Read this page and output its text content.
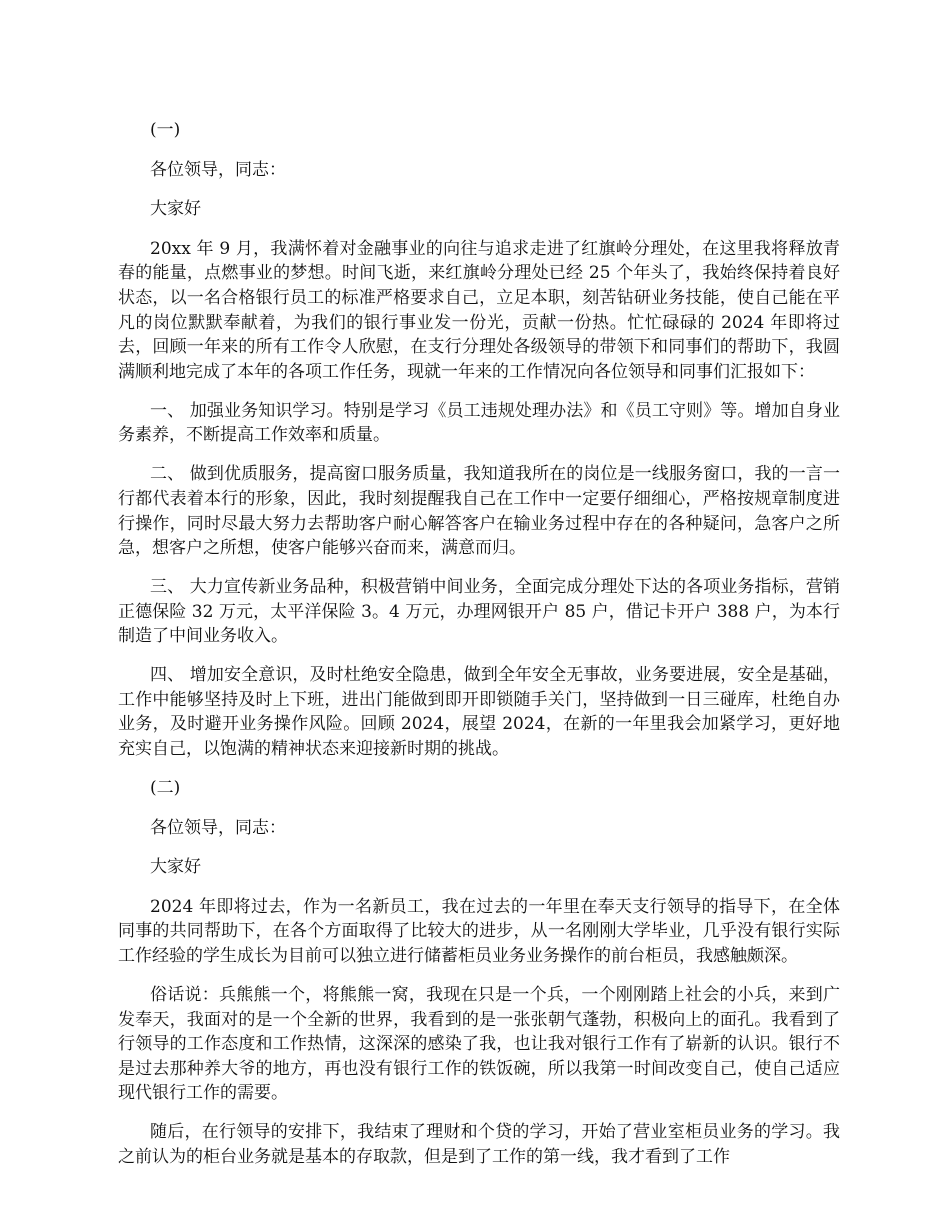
(一)

各位领导，同志：

大家好

20xx 年 9 月，我满怀着对金融事业的向往与追求走进了红旗岭分理处，在这里我将释放青春的能量，点燃事业的梦想。时间飞逝，来红旗岭分理处已经 25 个年头了，我始终保持着良好状态，以一名合格银行员工的标准严格要求自己，立足本职，刻苦钻研业务技能，使自己能在平凡的岗位默默奉献着，为我们的银行事业发一份光，贡献一份热。忙忙碌碌的 2024 年即将过去，回顾一年来的所有工作令人欣慰，在支行分理处各级领导的带领下和同事们的帮助下，我圆满顺利地完成了本年的各项工作任务，现就一年来的工作情况向各位领导和同事们汇报如下：

一、 加强业务知识学习。特别是学习《员工违规处理办法》和《员工守则》等。增加自身业务素养，不断提高工作效率和质量。

二、 做到优质服务，提高窗口服务质量，我知道我所在的岗位是一线服务窗口，我的一言一行都代表着本行的形象，因此，我时刻提醒我自己在工作中一定要仔细细心，严格按规章制度进行操作，同时尽最大努力去帮助客户耐心解答客户在输业务过程中存在的各种疑问，急客户之所急，想客户之所想，使客户能够兴奋而来，满意而归。

三、 大力宣传新业务品种，积极营销中间业务，全面完成分理处下达的各项业务指标，营销正德保险 32 万元，太平洋保险 3。4 万元，办理网银开户 85 户，借记卡开户 388 户，为本行制造了中间业务收入。

四、 增加安全意识，及时杜绝安全隐患，做到全年安全无事故，业务要进展，安全是基础，工作中能够坚持及时上下班，进出门能做到即开即锁随手关门，坚持做到一日三碰库，杜绝自办业务，及时避开业务操作风险。回顾 2024，展望 2024，在新的一年里我会加紧学习，更好地充实自己，以饱满的精神状态来迎接新时期的挑战。

(二)

各位领导，同志：

大家好

2024 年即将过去，作为一名新员工，我在过去的一年里在奉天支行领导的指导下，在全体同事的共同帮助下，在各个方面取得了比较大的进步，从一名刚刚大学毕业，几乎没有银行实际工作经验的学生成长为目前可以独立进行储蓄柜员业务业务操作的前台柜员，我感触颇深。

俗话说：兵熊熊一个，将熊熊一窝，我现在只是一个兵，一个刚刚踏上社会的小兵，来到广发奉天，我面对的是一个全新的世界，我看到的是一张张朝气蓬勃，积极向上的面孔。我看到了行领导的工作态度和工作热情，这深深的感染了我，也让我对银行工作有了崭新的认识。银行不是过去那种养大爷的地方，再也没有银行工作的铁饭碗，所以我第一时间改变自己，使自己适应现代银行工作的需要。

随后，在行领导的安排下，我结束了理财和个贷的学习，开始了营业室柜员业务的学习。我之前认为的柜台业务就是基本的存取款，但是到了工作的第一线，我才看到了工作
